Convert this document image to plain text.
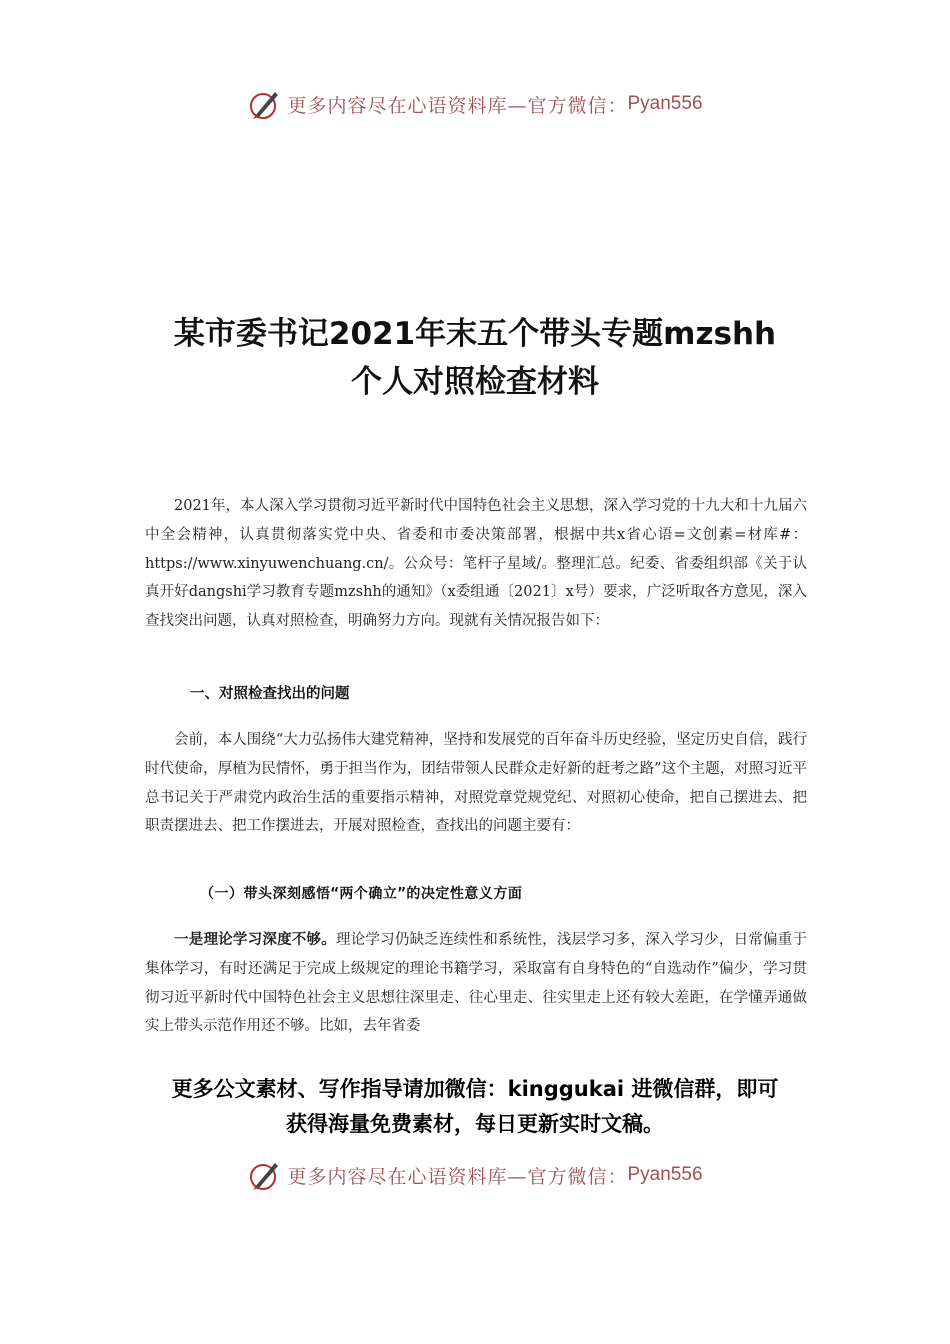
更多内容尽在心语资料库—官方微信： Pyan556
某市委书记2021年末五个带头专题mzshh
个人对照检查材料
2021年，本人深入学习贯彻习近平新时代中国特色社会主义思想，深入学习党的十九大和十九届六中全会精神，认真贯彻落实党中央、省委和市委决策部署，根据中共x省心语=文创素=材库#：https://www.xinyuwenchuang.cn/。公众号：笔杆子星域/。整理汇总。纪委、省委组织部《关于认真开好dangshi学习教育专题mzshh的通知》（x委组通〔2021〕x号）要求，广泛听取各方意见，深入查找突出问题，认真对照检查，明确努力方向。现就有关情况报告如下：
一、对照检查找出的问题
会前，本人围绕“大力弘扬伟大建党精神，坚持和发展党的百年奋斗历史经验，坚定历史自信，践行时代使命，厚植为民情怀，勇于担当作为，团结带领人民群众走好新的赶考之路”这个主题，对照习近平总书记关于严肃党内政治生活的重要指示精神，对照党章党规党纪、对照初心使命，把自己摆进去、把职责摆进去、把工作摆进去，开展对照检查，查找出的问题主要有：
（一）带头深刻感悟“两个确立”的决定性意义方面
一是理论学习深度不够。理论学习仍缺乏连续性和系统性，浅层学习多，深入学习少，日常偏重于集体学习，有时还满足于完成上级规定的理论书籍学习，采取富有自身特色的“自选动作”偏少，学习贯彻习近平新时代中国特色社会主义思想往深里走、往心里走、往实里走上还有较大差距，在学懂弄通做实上带头示范作用还不够。比如，去年省委
更多公文素材、写作指导请加微信：kinggukai 进微信群，即可
获得海量免费素材，每日更新实时文稿。
更多内容尽在心语资料库—官方微信： Pyan556
